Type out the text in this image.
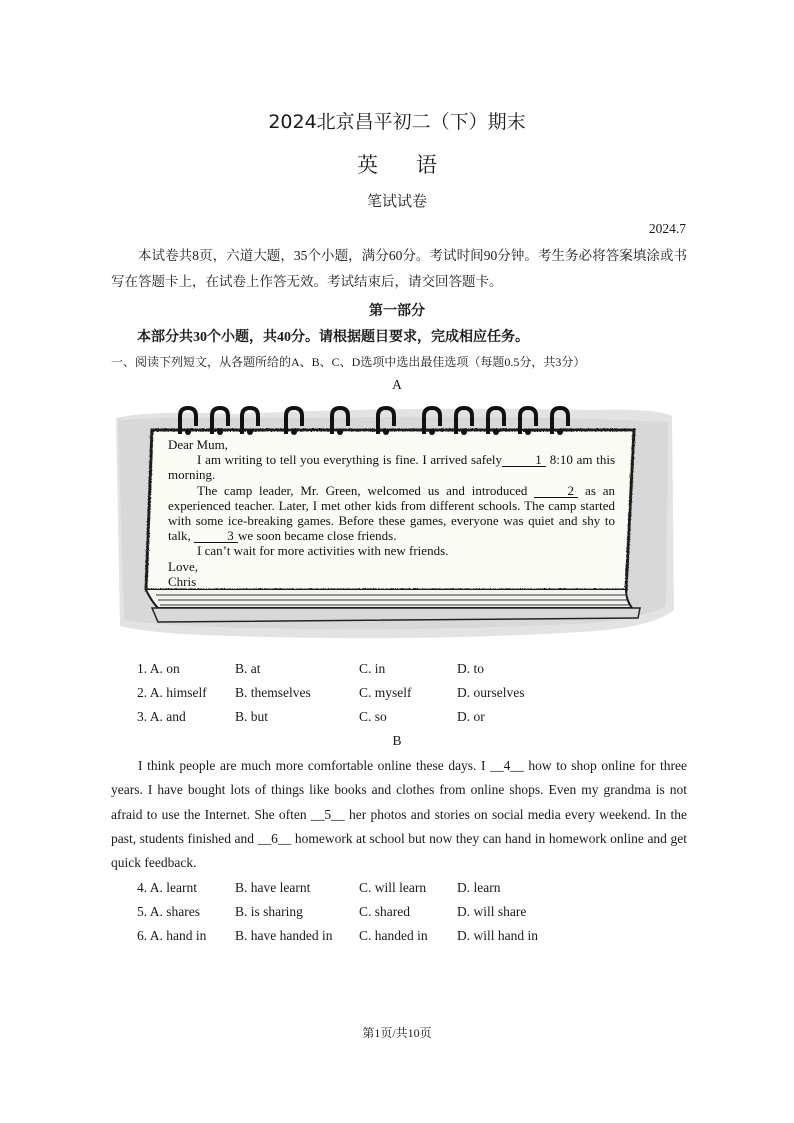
2024北京昌平初二（下）期末
英语
笔试试卷
2024.7
本试卷共8页，六道大题，35个小题，满分60分。考试时间90分钟。考生务必将答案填涂或书写在答题卡上，在试卷上作答无效。考试结束后，请交回答题卡。
第一部分
本部分共30个小题，共40分。请根据题目要求，完成相应任务。
一、阅读下列短文，从各题所给的A、B、C、D选项中选出最佳选项（每题0.5分，共3分）
A

Dear Mum,

I am writing to tell you everything is fine. I arrived safely	1 8:10 am this morning.

The camp leader, Mr. Green, welcomed us and introduced	2 as an experienced teacher. Later, I met other kids from different schools. The camp started with some ice-breaking games. Before these games, everyone was quiet and shy to talk,	3 we soon became close friends.

I can’t wait for more activities with new friends.

Love,

Chris

1. A. on	B. at	C. in	D. to
2. A. himself B. themselves	C. myself	D. ourselves
3. A. and	B. but	C. so	D. or
B
I think people are much more comfortable online these days. I __4__ how to shop online for three years. I have bought lots of things like books and clothes from online shops. Even my grandma is not afraid to use the Internet. She often __5__ her photos and stories on social media every weekend. In the past, students finished and __6__ homework at school but now they can hand in homework online and get quick feedback.
4. A. learnt	B. have learnt	C. will learn D. learn
5. A. shares	B. is sharing	C. shared	D. will share
6. A. hand in B. have handed in C. handed in D. will hand in
第1页/共10页
